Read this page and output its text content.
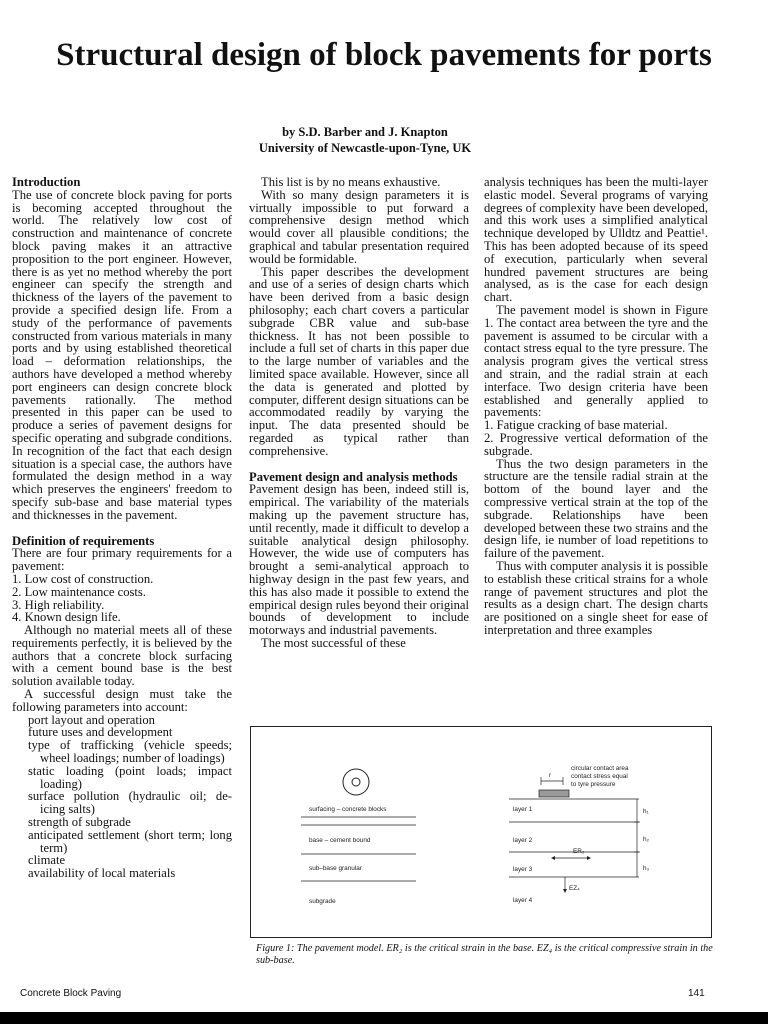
Structural design of block pavements for ports
by S.D. Barber and J. Knapton
University of Newcastle-upon-Tyne, UK
Introduction

The use of concrete block paving for ports is becoming accepted throughout the world. The relatively low cost of construction and maintenance of concrete block paving makes it an attractive proposition to the port engineer. However, there is as yet no method whereby the port engineer can specify the strength and thickness of the layers of the pavement to provide a specified design life. From a study of the performance of pavements constructed from various materials in many ports and by using established theoretical load – deformation relationships, the authors have developed a method whereby port engineers can design concrete block pavements rationally. The method presented in this paper can be used to produce a series of pavement designs for specific operating and subgrade conditions. In recognition of the fact that each design situation is a special case, the authors have formulated the design method in a way which preserves the engineers' freedom to specify sub-base and base material types and thicknesses in the pavement.

Definition of requirements

There are four primary requirements for a pavement:

1. Low cost of construction.
2. Low maintenance costs.
3. High reliability.
4. Known design life.

Although no material meets all of these requirements perfectly, it is believed by the authors that a concrete block surfacing with a cement bound base is the best solution available today.

A successful design must take the following parameters into account:

port layout and operation
future uses and development
type of trafficking (vehicle speeds; wheel loadings; number of loadings)
static loading (point loads; impact loading)
surface pollution (hydraulic oil; de-icing salts)
strength of subgrade
anticipated settlement (short term; long term)
climate
availability of local materials

This list is by no means exhaustive.

With so many design parameters it is virtually impossible to put forward a comprehensive design method which would cover all plausible conditions; the graphical and tabular presentation required would be formidable.

This paper describes the development and use of a series of design charts which have been derived from a basic design philosophy; each chart covers a particular subgrade CBR value and sub-base thickness. It has not been possible to include a full set of charts in this paper due to the large number of variables and the limited space available. However, since all the data is generated and plotted by computer, different design situations can be accommodated readily by varying the input. The data presented should be regarded as typical rather than comprehensive.

Pavement design and analysis methods

Pavement design has been, indeed still is, empirical. The variability of the materials making up the pavement structure has, until recently, made it difficult to develop a suitable analytical design philosophy. However, the wide use of computers has brought a semi-analytical approach to highway design in the past few years, and this has also made it possible to extend the empirical design rules beyond their original bounds of development to include motorways and industrial pavements.

The most successful of these

analysis techniques has been the multi-layer elastic model. Several programs of varying degrees of complexity have been developed, and this work uses a simplified analytical technique developed by Ulldtz and Peattie¹. This has been adopted because of its speed of execution, particularly when several hundred pavement structures are being analysed, as is the case for each design chart.

The pavement model is shown in Figure 1. The contact area between the tyre and the pavement is assumed to be circular with a contact stress equal to the tyre pressure. The analysis program gives the vertical stress and strain, and the radial strain at each interface. Two design criteria have been established and generally applied to pavements:

1. Fatigue cracking of base material.

2. Progressive vertical deformation of the subgrade.

Thus the two design parameters in the structure are the tensile radial strain at the bottom of the bound layer and the compressive vertical strain at the top of the subgrade. Relationships have been developed between these two strains and the design life, ie number of load repetitions to failure of the pavement.

Thus with computer analysis it is possible to establish these critical strains for a whole range of pavement structures and plot the results as a design chart. The design charts are positioned on a single sheet for ease of interpretation and three examples

surfacing – concrete blocks
base – cement bound
sub–base granular
subgrade
circular contact area
contact stress equal
to tyre pressure
r
layer 1
layer 2
layer 3
layer 4
h₁
h₂
h₃
ER₂
EZ₄
Figure 1: The pavement model. ER₂ is the critical strain in the base. EZ₄ is the critical compressive strain in the sub-base.
Concrete Block Paving	141
